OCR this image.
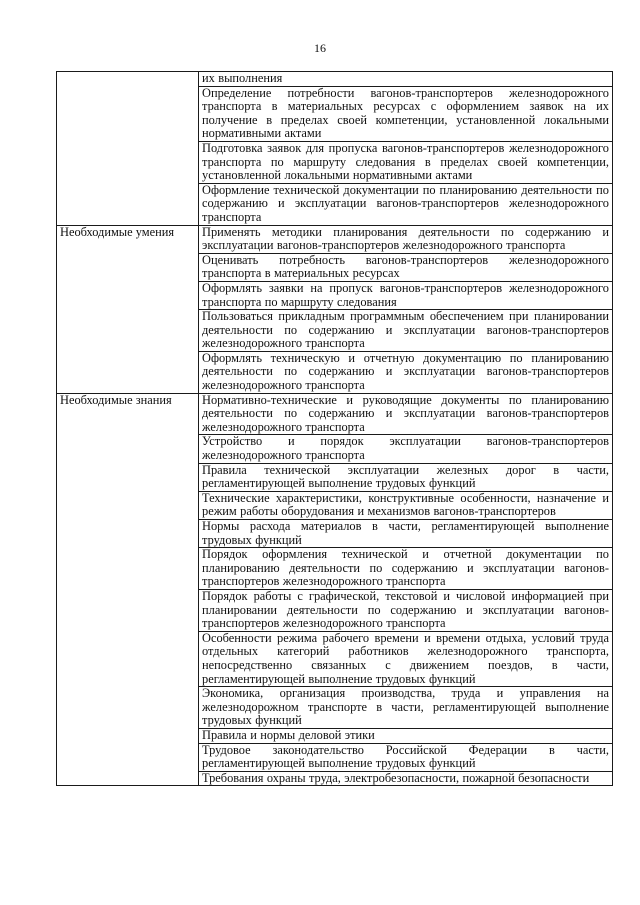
16
	их выполнения
	Определение потребности вагонов-транспортеров железнодорожного транспорта в материальных ресурсах с оформлением заявок на их получение в пределах своей компетенции, установленной локальными нормативными актами
	Подготовка заявок для пропуска вагонов-транспортеров железнодорожного транспорта по маршруту следования в пределах своей компетенции, установленной локальными нормативными актами
	Оформление технической документации по планированию деятельности по содержанию и эксплуатации вагонов-транспортеров железнодорожного транспорта
Необходимые умения	Применять методики планирования деятельности по содержанию и эксплуатации вагонов-транспортеров железнодорожного транспорта
	Оценивать потребность вагонов-транспортеров железнодорожного транспорта в материальных ресурсах
	Оформлять заявки на пропуск вагонов-транспортеров железнодорожного транспорта по маршруту следования
	Пользоваться прикладным программным обеспечением при планировании деятельности по содержанию и эксплуатации вагонов-транспортеров железнодорожного транспорта
	Оформлять техническую и отчетную документацию по планированию деятельности по содержанию и эксплуатации вагонов-транспортеров железнодорожного транспорта
Необходимые знания	Нормативно-технические и руководящие документы по планированию деятельности по содержанию и эксплуатации вагонов-транспортеров железнодорожного транспорта
	Устройство и порядок эксплуатации вагонов-транспортеров железнодорожного транспорта
	Правила технической эксплуатации железных дорог в части, регламентирующей выполнение трудовых функций
	Технические характеристики, конструктивные особенности, назначение и режим работы оборудования и механизмов вагонов-транспортеров
	Нормы расхода материалов в части, регламентирующей выполнение трудовых функций
	Порядок оформления технической и отчетной документации по планированию деятельности по содержанию и эксплуатации вагонов-транспортеров железнодорожного транспорта
	Порядок работы с графической, текстовой и числовой информацией при планировании деятельности по содержанию и эксплуатации вагонов-транспортеров железнодорожного транспорта
	Особенности режима рабочего времени и времени отдыха, условий труда отдельных категорий работников железнодорожного транспорта, непосредственно связанных с движением поездов, в части, регламентирующей выполнение трудовых функций
	Экономика, организация производства, труда и управления на железнодорожном транспорте в части, регламентирующей выполнение трудовых функций
	Правила и нормы деловой этики
	Трудовое законодательство Российской Федерации в части, регламентирующей выполнение трудовых функций
	Требования охраны труда, электробезопасности, пожарной безопасности
